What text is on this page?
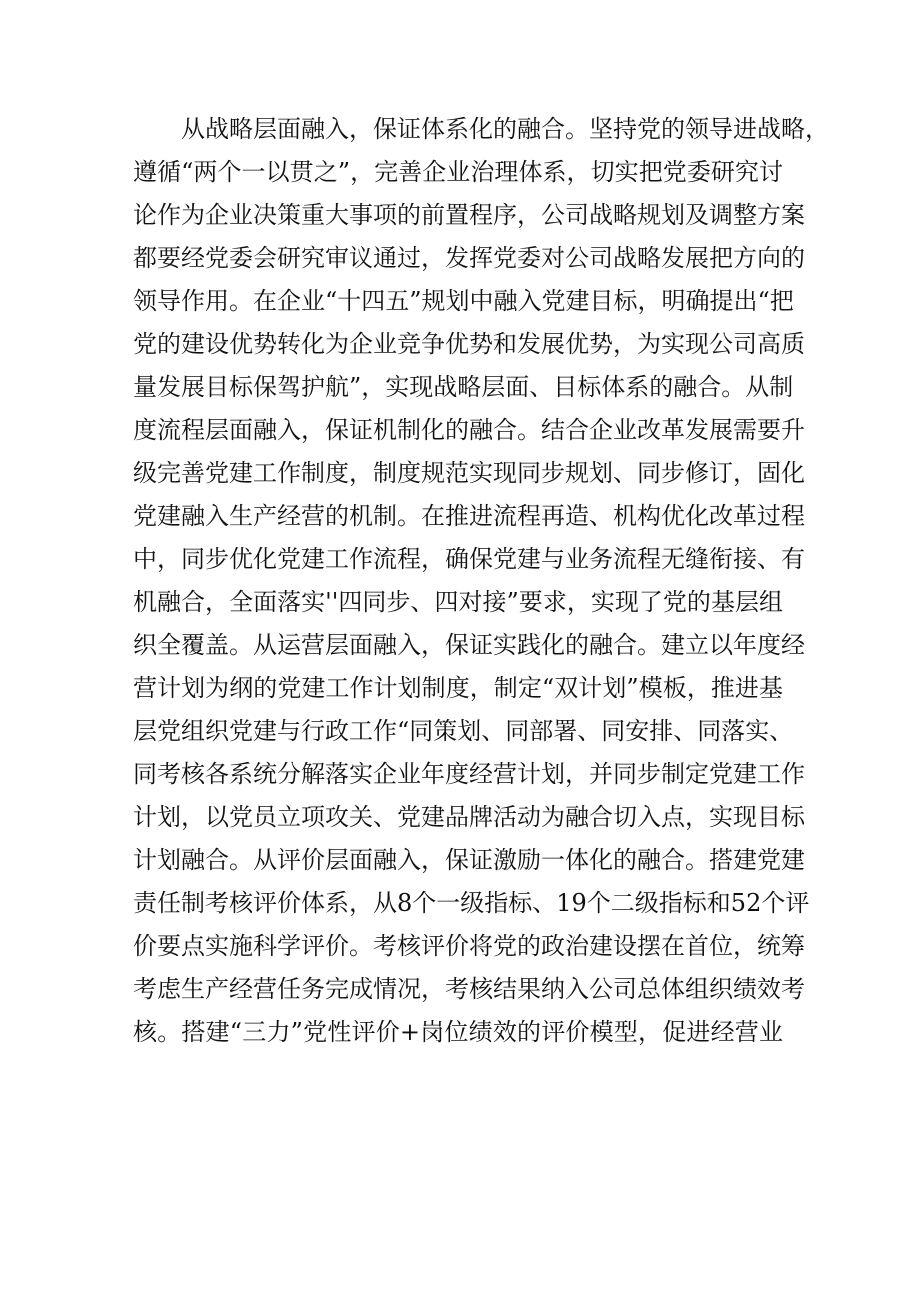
从战略层面融入，保证体系化的融合。坚持党的领导进战略，
遵循“两个一以贯之”，完善企业治理体系，切实把党委研究讨
论作为企业决策重大事项的前置程序，公司战略规划及调整方案
都要经党委会研究审议通过，发挥党委对公司战略发展把方向的
领导作用。在企业“十四五”规划中融入党建目标，明确提出“把
党的建设优势转化为企业竞争优势和发展优势，为实现公司高质
量发展目标保驾护航”，实现战略层面、目标体系的融合。从制
度流程层面融入，保证机制化的融合。结合企业改革发展需要升
级完善党建工作制度，制度规范实现同步规划、同步修订，固化
党建融入生产经营的机制。在推进流程再造、机构优化改革过程
中，同步优化党建工作流程，确保党建与业务流程无缝衔接、有
机融合，全面落实''四同步、四对接”要求，实现了党的基层组
织全覆盖。从运营层面融入，保证实践化的融合。建立以年度经
营计划为纲的党建工作计划制度，制定“双计划”模板，推进基
层党组织党建与行政工作“同策划、同部署、同安排、同落实、
同考核各系统分解落实企业年度经营计划，并同步制定党建工作
计划，以党员立项攻关、党建品牌活动为融合切入点，实现目标
计划融合。从评价层面融入，保证激励一体化的融合。搭建党建
责任制考核评价体系，从8个一级指标、19个二级指标和52个评
价要点实施科学评价。考核评价将党的政治建设摆在首位，统筹
考虑生产经营任务完成情况，考核结果纳入公司总体组织绩效考
核。搭建“三力”党性评价+岗位绩效的评价模型，促进经营业
